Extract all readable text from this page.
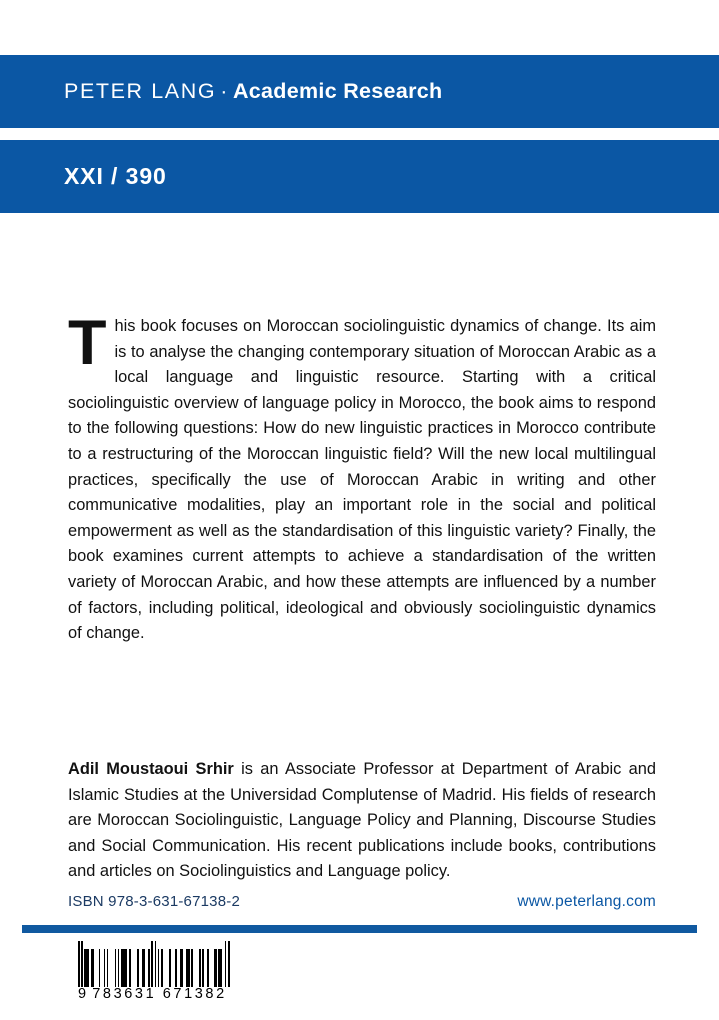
PETER LANG · Academic Research
XXI / 390
This book focuses on Moroccan sociolinguistic dynamics of change. Its aim is to analyse the changing contemporary situation of Moroccan Arabic as a local language and linguistic resource. Starting with a critical sociolinguistic overview of language policy in Morocco, the book aims to respond to the following questions: How do new linguistic practices in Morocco contribute to a restructuring of the Moroccan linguistic field? Will the new local multilingual practices, specifically the use of Moroccan Arabic in writing and other communicative modalities, play an important role in the social and political empowerment as well as the standardisation of this linguistic variety? Finally, the book examines current attempts to achieve a standardisation of the written variety of Moroccan Arabic, and how these attempts are influenced by a number of factors, including political, ideological and obviously sociolinguistic dynamics of change.
Adil Moustaoui Srhir is an Associate Professor at Department of Arabic and Islamic Studies at the Universidad Complutense of Madrid. His fields of research are Moroccan Sociolinguistic, Language Policy and Planning, Discourse Studies and Social Communication. His recent publications include books, contributions and articles on Sociolinguistics and Language policy.
ISBN 978-3-631-67138-2	www.peterlang.com
9 783631 671382
